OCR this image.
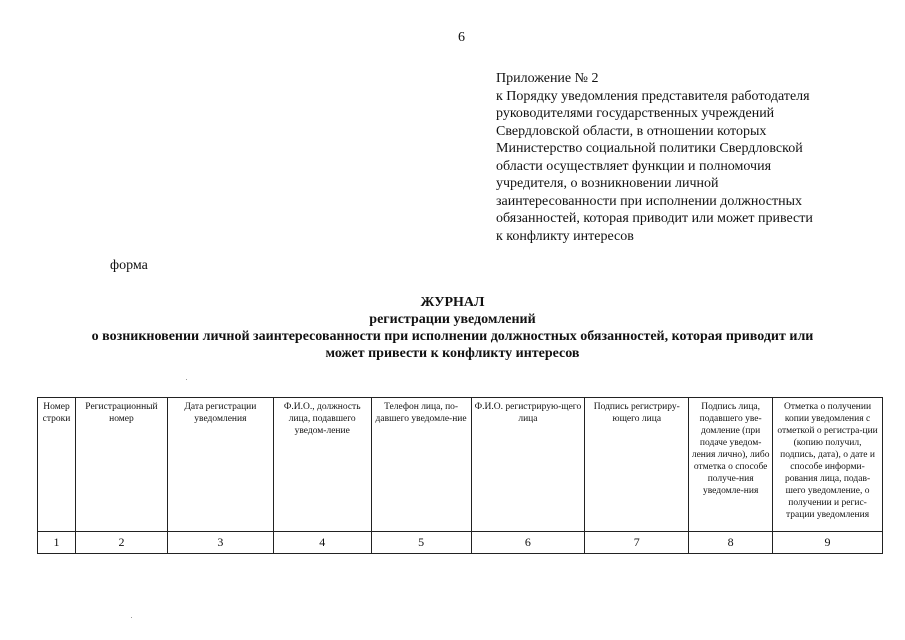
6
Приложение № 2
к Порядку уведомления представителя работодателя
руководителями государственных учреждений
Свердловской области, в отношении которых
Министерство социальной политики Свердловской
области осуществляет функции и полномочия
учредителя, о возникновении личной
заинтересованности при исполнении должностных
обязанностей, которая приводит или может привести
к конфликту интересов
форма
ЖУРНАЛ
регистрации уведомлений
о возникновении личной заинтересованности при исполнении должностных обязанностей, которая приводит или
может привести к конфликту интересов
Номер строки	Регистрационный номер	Дата регистрации уведомления	Ф.И.О., должность лица, подавшего уведом-ление	Телефон лица, по-давшего уведомле-ние	Ф.И.О. регистрирую-щего лица	Подпись регистриру-ющего лица	Подпись лица, подавшего уве-домление (при подаче уведом-ления лично), либо отметка о способе получе-ния уведомле-ния	Отметка о получении копии уведомления с отметкой о регистра-ции (копию получил, подпись, дата), о дате и способе информи-рования лица, подав-шего уведомление, о получении и регис-трации уведомления
1	2	3	4	5	6	7	8	9
